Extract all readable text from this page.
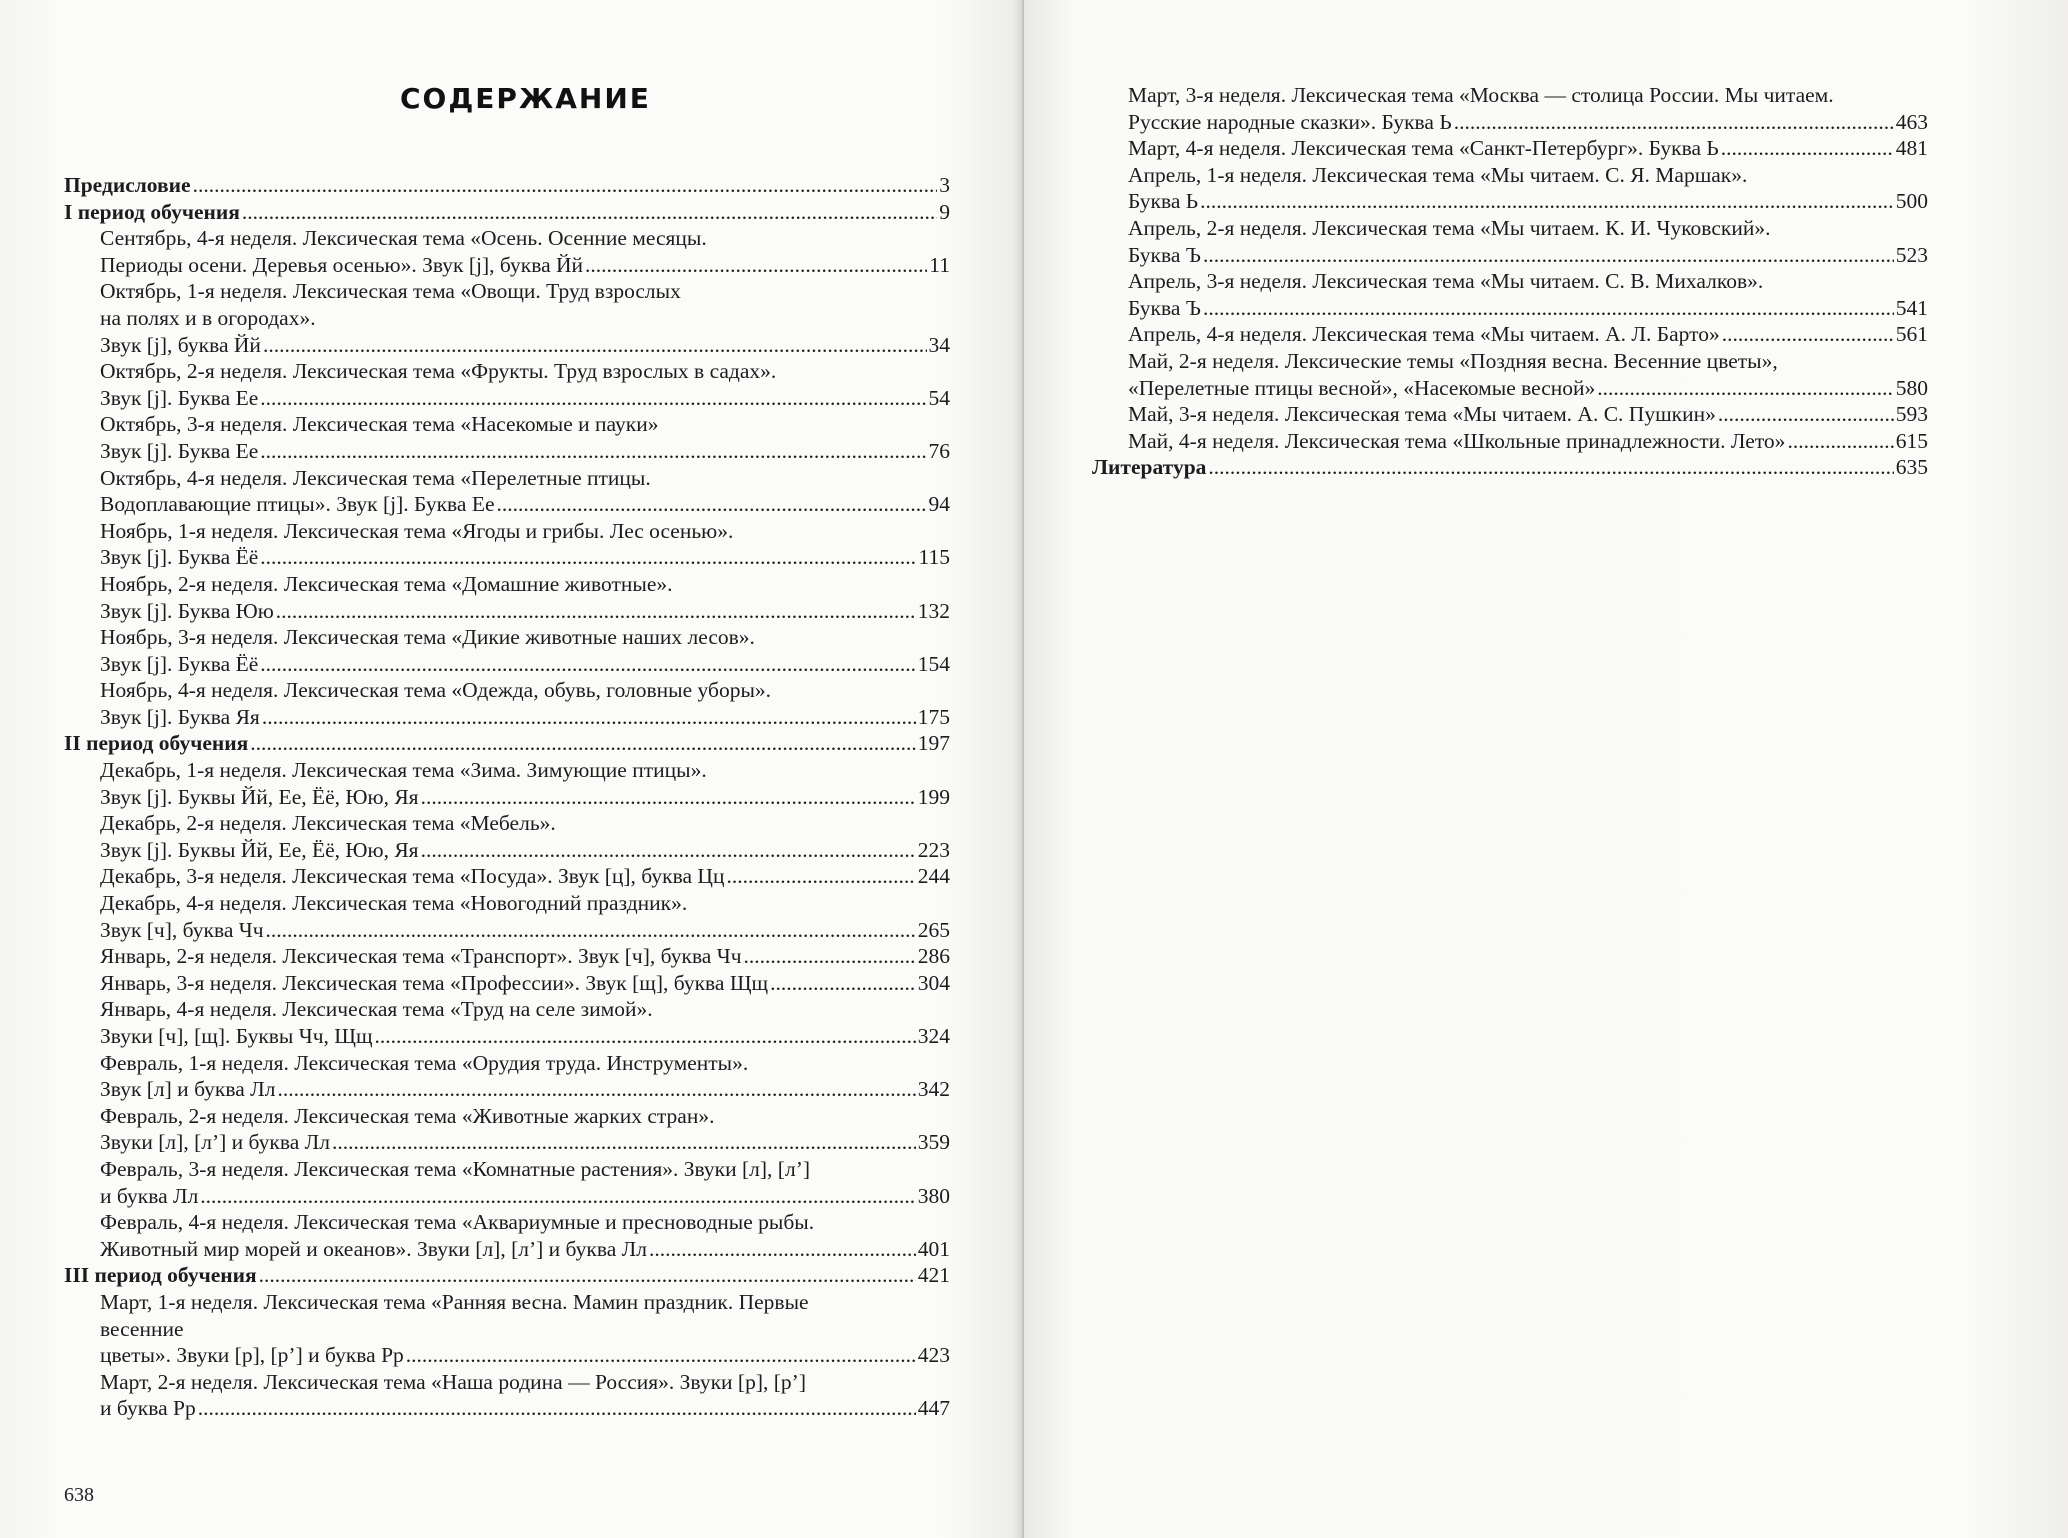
СОДЕРЖАНИЕ
Предисловие .....	3
I период обучения .....	9
Сентябрь, 4-я неделя. Лексическая тема «Осень. Осенние месяцы.
Периоды осени. Деревья осенью». Звук [j], буква Йй .....	11
Октябрь, 1-я неделя. Лексическая тема «Овощи. Труд взрослых
на полях и в огородах».
Звук [j], буква Йй .....	34
Октябрь, 2-я неделя. Лексическая тема «Фрукты. Труд взрослых в садах».
Звук [j]. Буква Ее .....	54
Октябрь, 3-я неделя. Лексическая тема «Насекомые и пауки»
Звук [j]. Буква Ее .....	76
Октябрь, 4-я неделя. Лексическая тема «Перелетные птицы.
Водоплавающие птицы». Звук [j]. Буква Ее .....	94
Ноябрь, 1-я неделя. Лексическая тема «Ягоды и грибы. Лес осенью».
Звук [j]. Буква Ёё .....	115
Ноябрь, 2-я неделя. Лексическая тема «Домашние животные».
Звук [j]. Буква Юю .....	132
Ноябрь, 3-я неделя. Лексическая тема «Дикие животные наших лесов».
Звук [j]. Буква Ёё .....	154
Ноябрь, 4-я неделя. Лексическая тема «Одежда, обувь, головные уборы».
Звук [j]. Буква Яя .....	175
II период обучения .....	197
Декабрь, 1-я неделя. Лексическая тема «Зима. Зимующие птицы».
Звук [j]. Буквы Йй, Ее, Ёё, Юю, Яя .....	199
Декабрь, 2-я неделя. Лексическая тема «Мебель».
Звук [j]. Буквы Йй, Ее, Ёё, Юю, Яя .....	223
Декабрь, 3-я неделя. Лексическая тема «Посуда». Звук [ц], буква Цц .....	244
Декабрь, 4-я неделя. Лексическая тема «Новогодний праздник».
Звук [ч], буква Чч .....	265
Январь, 2-я неделя. Лексическая тема «Транспорт». Звук [ч], буква Чч .....	286
Январь, 3-я неделя. Лексическая тема «Профессии». Звук [щ], буква Щщ .....	304
Январь, 4-я неделя. Лексическая тема «Труд на селе зимой».
Звуки [ч], [щ]. Буквы Чч, Щщ .....	324
Февраль, 1-я неделя. Лексическая тема «Орудия труда. Инструменты».
Звук [л] и буква Лл .....	342
Февраль, 2-я неделя. Лексическая тема «Животные жарких стран».
Звуки [л], [л’] и буква Лл .....	359
Февраль, 3-я неделя. Лексическая тема «Комнатные растения». Звуки [л], [л’]
и буква Лл .....	380
Февраль, 4-я неделя. Лексическая тема «Аквариумные и пресноводные рыбы.
Животный мир морей и океанов». Звуки [л], [л’] и буква Лл .....	401
III период обучения .....	421
Март, 1-я неделя. Лексическая тема «Ранняя весна. Мамин праздник. Первые
весенние
цветы». Звуки [р], [р’] и буква Рр .....	423
Март, 2-я неделя. Лексическая тема «Наша родина — Россия». Звуки [р], [р’]
и буква Рр .....	447
638
Март, 3-я неделя. Лексическая тема «Москва — столица России. Мы читаем.
Русские народные сказки». Буква Ь .....	463
Март, 4-я неделя. Лексическая тема «Санкт-Петербург». Буква Ь .....	481
Апрель, 1-я неделя. Лексическая тема «Мы читаем. С. Я. Маршак».
Буква Ь .....	500
Апрель, 2-я неделя. Лексическая тема «Мы читаем. К. И. Чуковский».
Буква Ъ .....	523
Апрель, 3-я неделя. Лексическая тема «Мы читаем. С. В. Михалков».
Буква Ъ .....	541
Апрель, 4-я неделя. Лексическая тема «Мы читаем. А. Л. Барто» .....	561
Май, 2-я неделя. Лексические темы «Поздняя весна. Весенние цветы»,
«Перелетные птицы весной», «Насекомые весной» .....	580
Май, 3-я неделя. Лексическая тема «Мы читаем. А. С. Пушкин» .....	593
Май, 4-я неделя. Лексическая тема «Школьные принадлежности. Лето» .....	615
Литература .....	635
